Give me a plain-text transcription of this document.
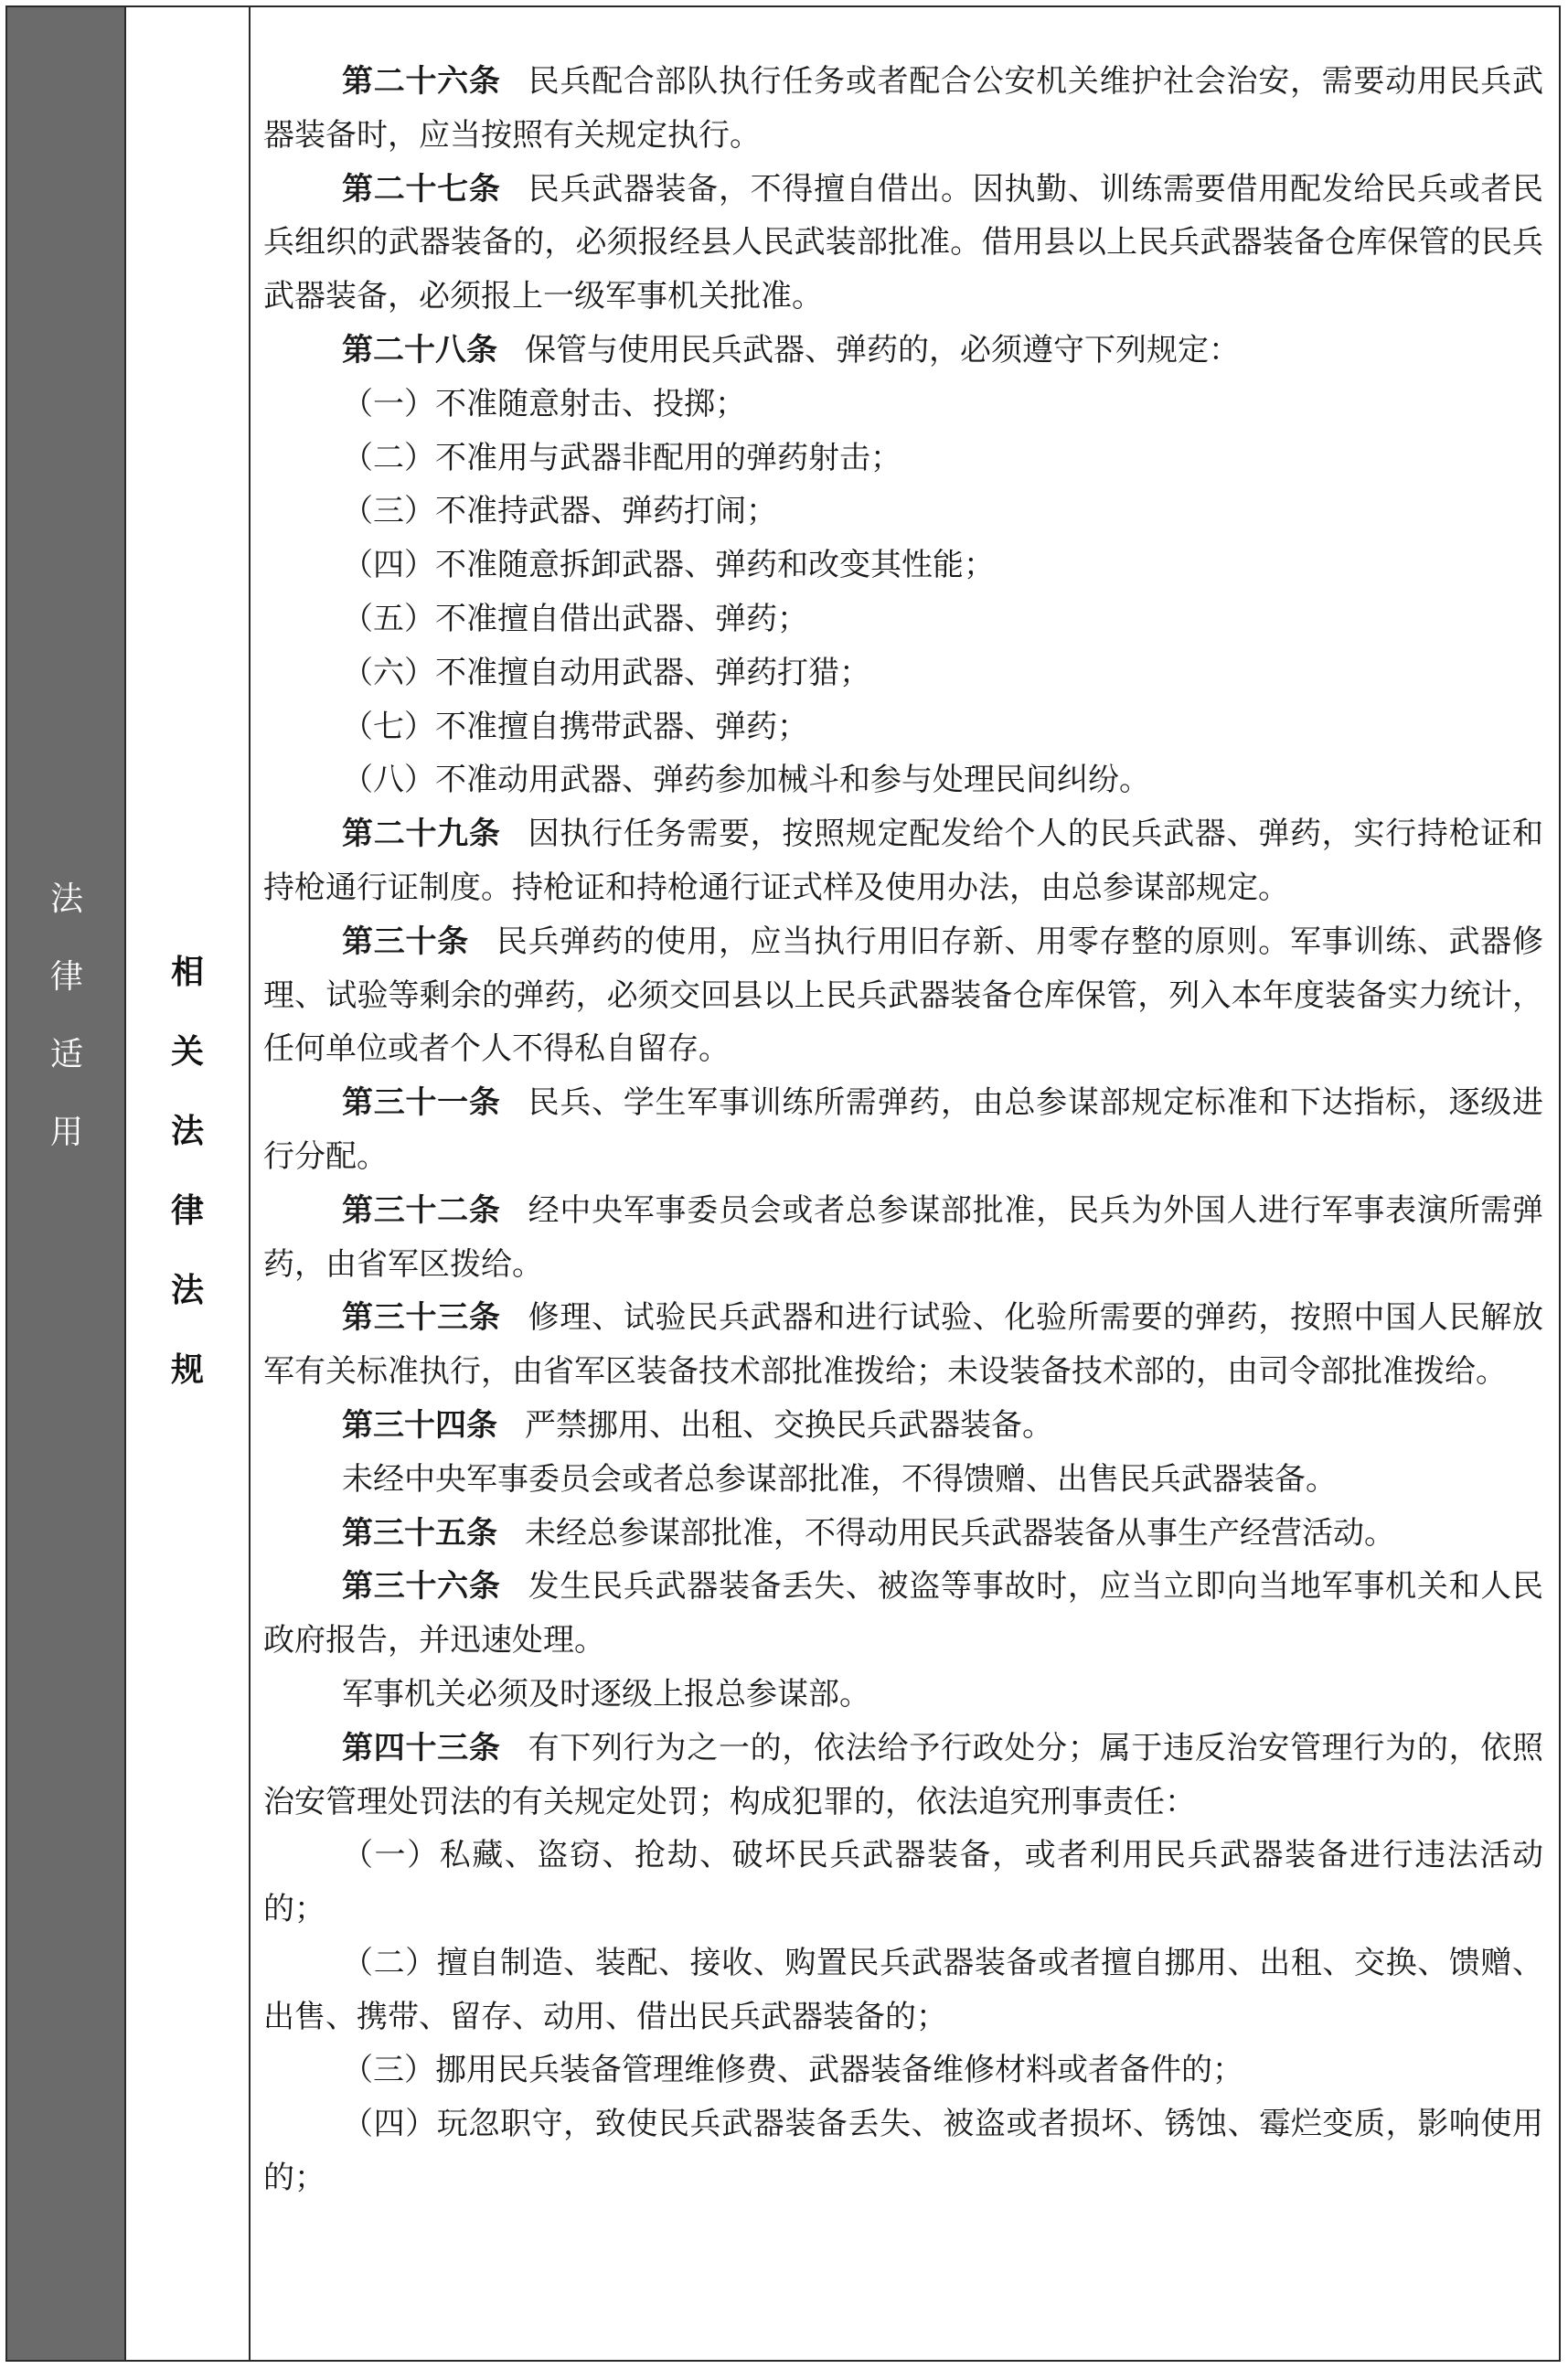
法
律
适
用
相
关
法
律
法
规

第二十六条 民兵配合部队执行任务或者配合公安机关维护社会治安，需要动用民兵武器装备时，应当按照有关规定执行。

第二十七条 民兵武器装备，不得擅自借出。因执勤、训练需要借用配发给民兵或者民兵组织的武器装备的，必须报经县人民武装部批准。借用县以上民兵武器装备仓库保管的民兵武器装备，必须报上一级军事机关批准。

第二十八条 保管与使用民兵武器、弹药的，必须遵守下列规定：

（一）不准随意射击、投掷；

（二）不准用与武器非配用的弹药射击；

（三）不准持武器、弹药打闹；

（四）不准随意拆卸武器、弹药和改变其性能；

（五）不准擅自借出武器、弹药；

（六）不准擅自动用武器、弹药打猎；

（七）不准擅自携带武器、弹药；

（八）不准动用武器、弹药参加械斗和参与处理民间纠纷。

第二十九条 因执行任务需要，按照规定配发给个人的民兵武器、弹药，实行持枪证和持枪通行证制度。持枪证和持枪通行证式样及使用办法，由总参谋部规定。

第三十条 民兵弹药的使用，应当执行用旧存新、用零存整的原则。军事训练、武器修理、试验等剩余的弹药，必须交回县以上民兵武器装备仓库保管，列入本年度装备实力统计，任何单位或者个人不得私自留存。

第三十一条 民兵、学生军事训练所需弹药，由总参谋部规定标准和下达指标，逐级进行分配。

第三十二条 经中央军事委员会或者总参谋部批准，民兵为外国人进行军事表演所需弹药，由省军区拨给。

第三十三条 修理、试验民兵武器和进行试验、化验所需要的弹药，按照中国人民解放军有关标准执行，由省军区装备技术部批准拨给；未设装备技术部的，由司令部批准拨给。

第三十四条 严禁挪用、出租、交换民兵武器装备。

未经中央军事委员会或者总参谋部批准，不得馈赠、出售民兵武器装备。

第三十五条 未经总参谋部批准，不得动用民兵武器装备从事生产经营活动。

第三十六条 发生民兵武器装备丢失、被盗等事故时，应当立即向当地军事机关和人民政府报告，并迅速处理。

军事机关必须及时逐级上报总参谋部。

第四十三条 有下列行为之一的，依法给予行政处分；属于违反治安管理行为的，依照治安管理处罚法的有关规定处罚；构成犯罪的，依法追究刑事责任：

（一）私藏、盗窃、抢劫、破坏民兵武器装备，或者利用民兵武器装备进行违法活动的；

（二）擅自制造、装配、接收、购置民兵武器装备或者擅自挪用、出租、交换、馈赠、出售、携带、留存、动用、借出民兵武器装备的；

（三）挪用民兵装备管理维修费、武器装备维修材料或者备件的；

（四）玩忽职守，致使民兵武器装备丢失、被盗或者损坏、锈蚀、霉烂变质，影响使用的；
